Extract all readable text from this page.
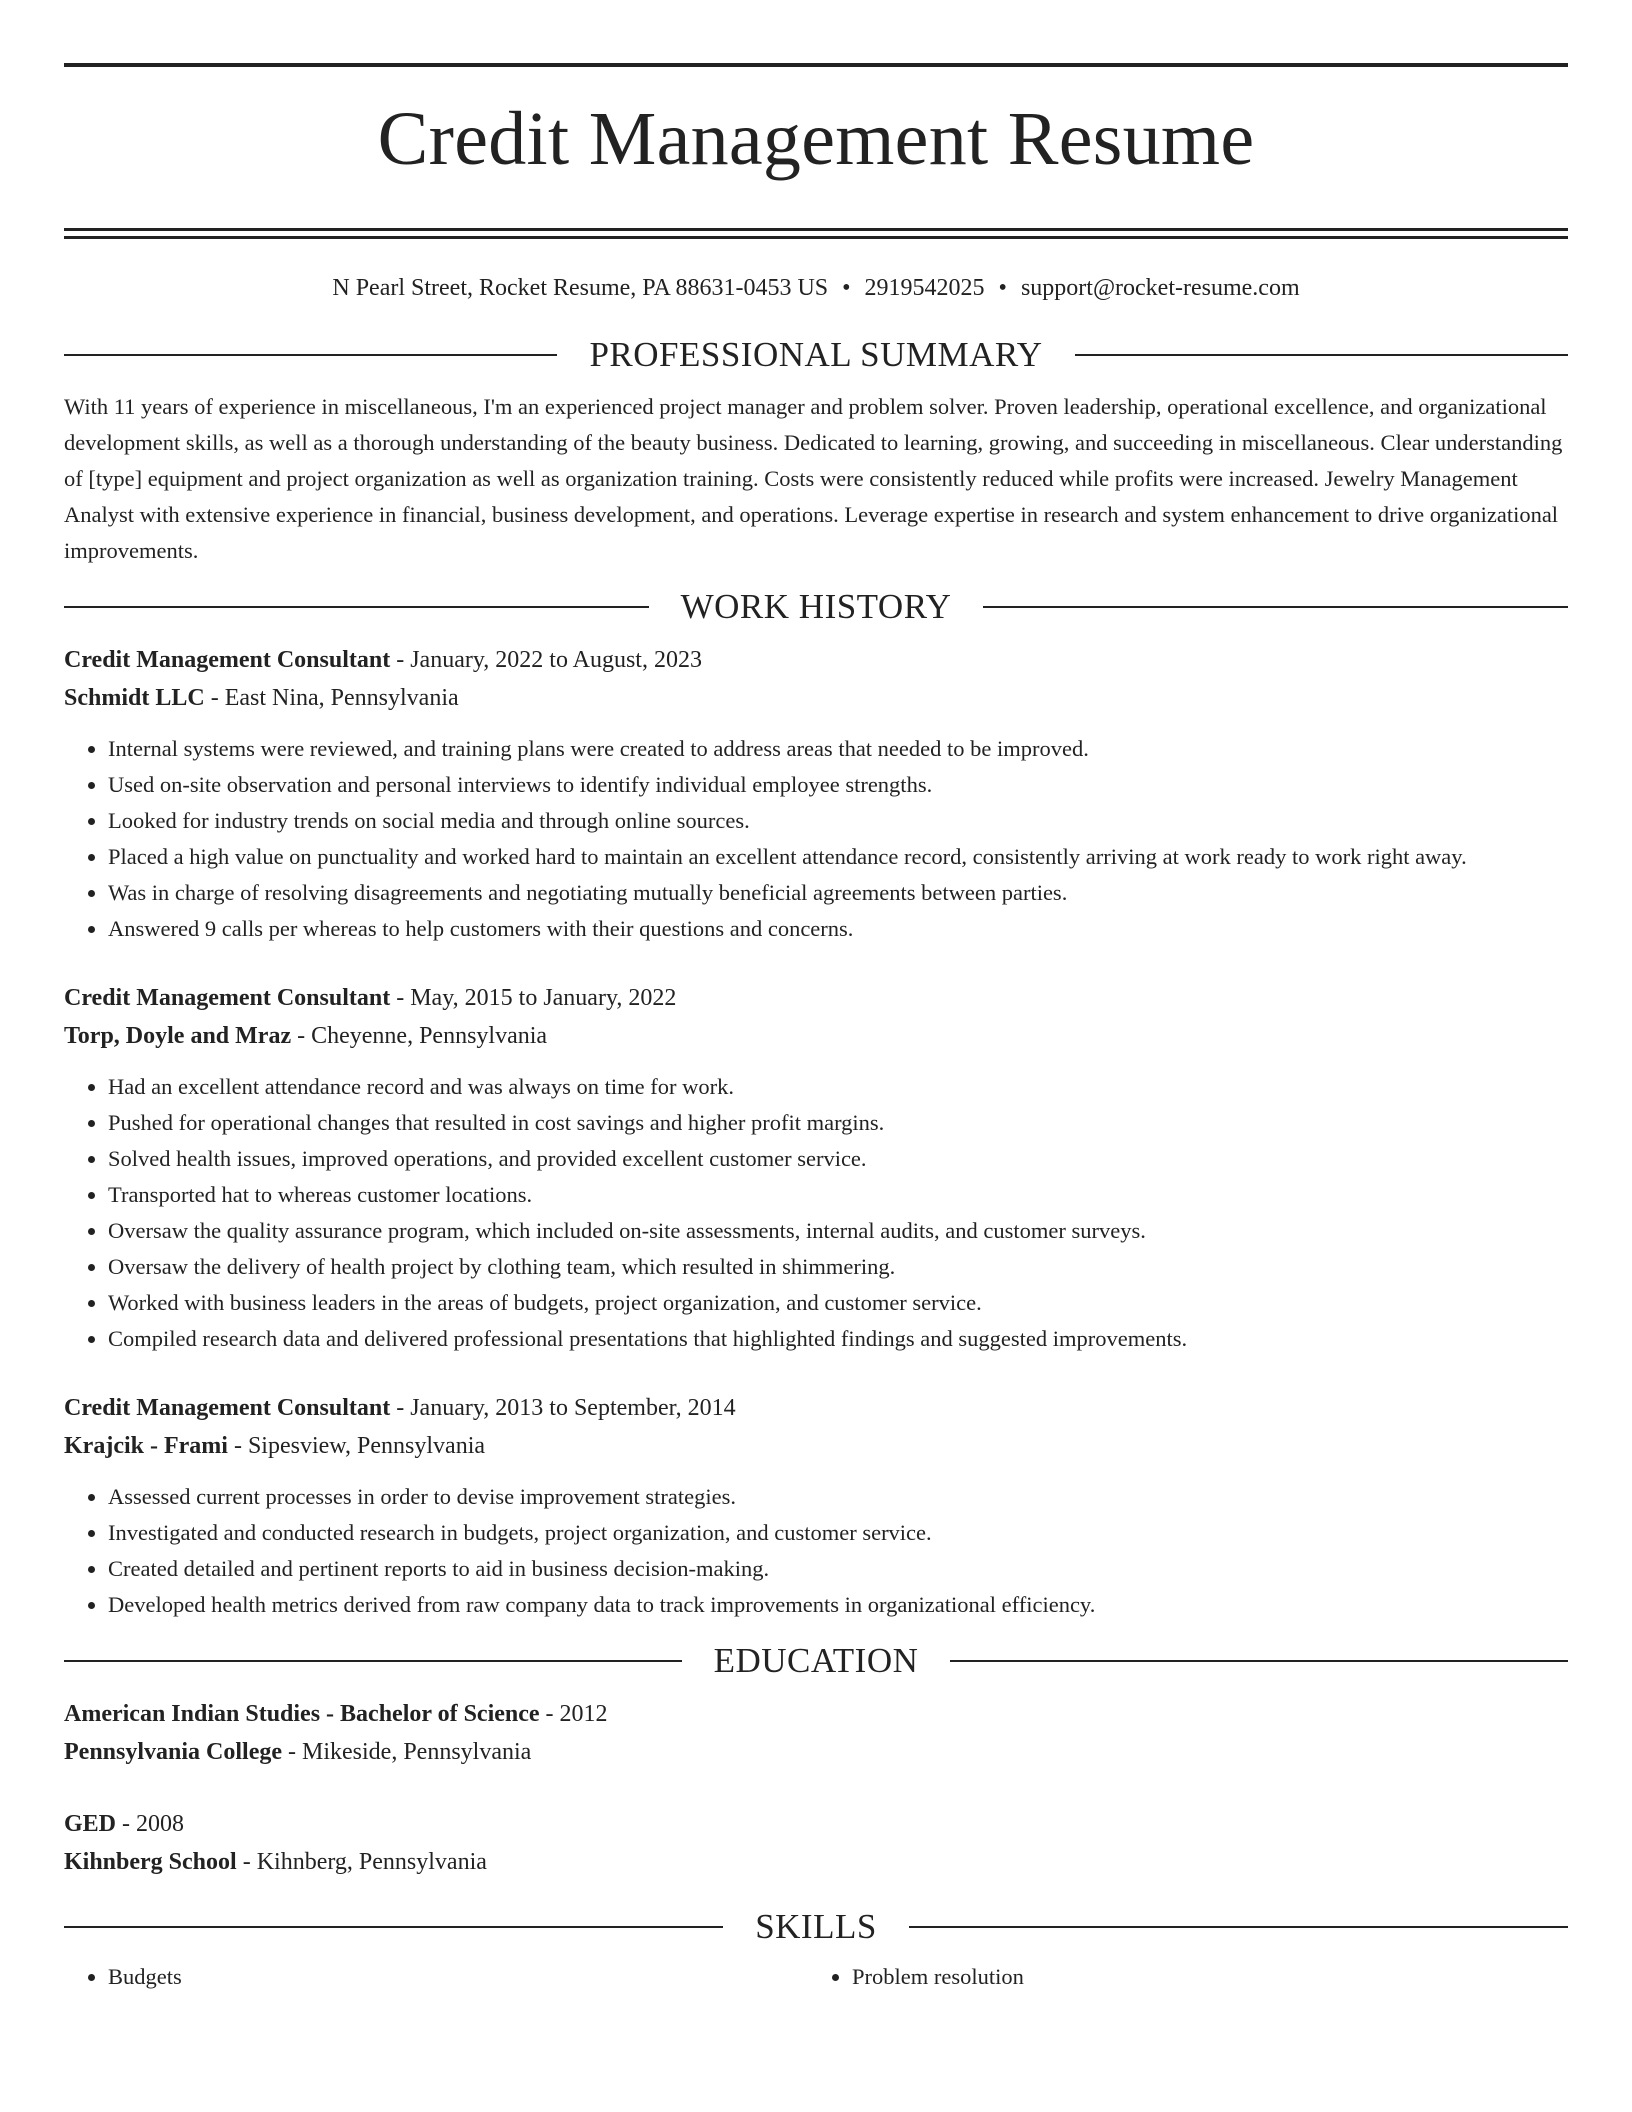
Credit Management Resume
N Pearl Street, Rocket Resume, PA 88631-0453 US • 2919542025 • support@rocket-resume.com
PROFESSIONAL SUMMARY

With 11 years of experience in miscellaneous, I'm an experienced project manager and problem solver. Proven leadership, operational excellence, and organizational development skills, as well as a thorough understanding of the beauty business. Dedicated to learning, growing, and succeeding in miscellaneous. Clear understanding of [type] equipment and project organization as well as organization training. Costs were consistently reduced while profits were increased. Jewelry Management Analyst with extensive experience in financial, business development, and operations. Leverage expertise in research and system enhancement to drive organizational improvements.

WORK HISTORY
Credit Management Consultant - January, 2022 to August, 2023
Schmidt LLC - East Nina, Pennsylvania
• Internal systems were reviewed, and training plans were created to address areas that needed to be improved.
• Used on-site observation and personal interviews to identify individual employee strengths.
• Looked for industry trends on social media and through online sources.
• Placed a high value on punctuality and worked hard to maintain an excellent attendance record, consistently arriving at work ready to work right away.
• Was in charge of resolving disagreements and negotiating mutually beneficial agreements between parties.
• Answered 9 calls per whereas to help customers with their questions and concerns.
Credit Management Consultant - May, 2015 to January, 2022
Torp, Doyle and Mraz - Cheyenne, Pennsylvania
• Had an excellent attendance record and was always on time for work.
• Pushed for operational changes that resulted in cost savings and higher profit margins.
• Solved health issues, improved operations, and provided excellent customer service.
• Transported hat to whereas customer locations.
• Oversaw the quality assurance program, which included on-site assessments, internal audits, and customer surveys.
• Oversaw the delivery of health project by clothing team, which resulted in shimmering.
• Worked with business leaders in the areas of budgets, project organization, and customer service.
• Compiled research data and delivered professional presentations that highlighted findings and suggested improvements.
Credit Management Consultant - January, 2013 to September, 2014
Krajcik - Frami - Sipesview, Pennsylvania
• Assessed current processes in order to devise improvement strategies.
• Investigated and conducted research in budgets, project organization, and customer service.
• Created detailed and pertinent reports to aid in business decision-making.
• Developed health metrics derived from raw company data to track improvements in organizational efficiency.
EDUCATION
American Indian Studies - Bachelor of Science - 2012
Pennsylvania College - Mikeside, Pennsylvania
GED - 2008
Kihnberg School - Kihnberg, Pennsylvania
SKILLS
• Budgets
•	Problem resolution
